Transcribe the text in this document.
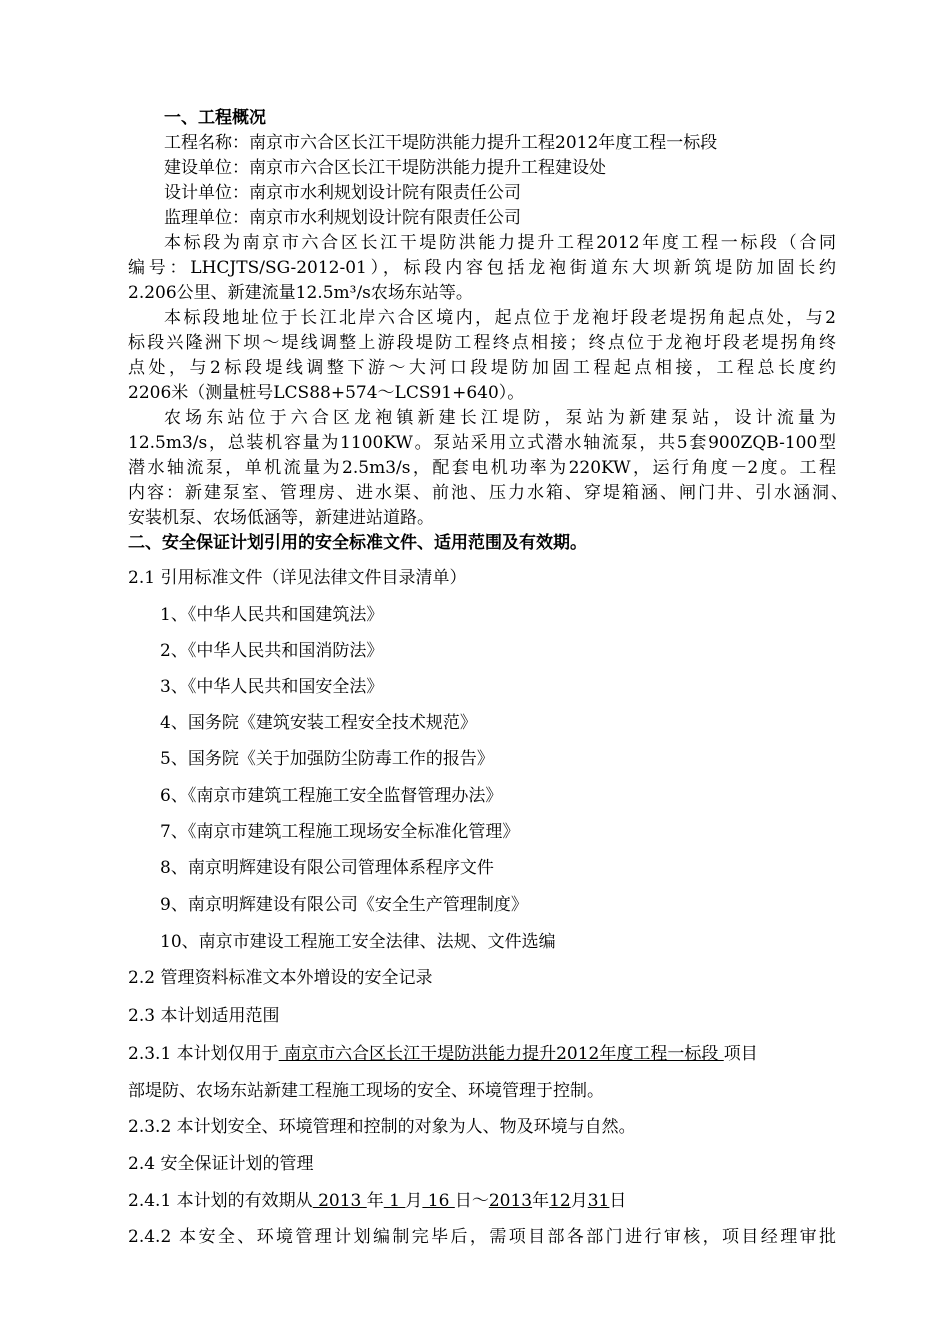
一、工程概况
工程名称：南京市六合区长江干堤防洪能力提升工程2012年度工程一标段
建设单位：南京市六合区长江干堤防洪能力提升工程建设处
设计单位：南京市水利规划设计院有限责任公司
监理单位：南京市水利规划设计院有限责任公司
本标段为南京市六合区长江干堤防洪能力提升工程2012年度工程一标段（合同
编号：LHCJTS/SG-2012-01），标段内容包括龙袍街道东大坝新筑堤防加固长约
2.206公里、新建流量12.5m³/s农场东站等。
本标段地址位于长江北岸六合区境内，起点位于龙袍圩段老堤拐角起点处，与2
标段兴隆洲下坝～堤线调整上游段堤防工程终点相接；终点位于龙袍圩段老堤拐角终
点处，与2标段堤线调整下游～大河口段堤防加固工程起点相接，工程总长度约
2206米（测量桩号LCS88+574～LCS91+640）。
农场东站位于六合区龙袍镇新建长江堤防，泵站为新建泵站，设计流量为
12.5m3/s，总装机容量为1100KW。泵站采用立式潜水轴流泵，共5套900ZQB-100型
潜水轴流泵，单机流量为2.5m3/s，配套电机功率为220KW，运行角度－2度。工程
内容：新建泵室、管理房、进水渠、前池、压力水箱、穿堤箱涵、闸门井、引水涵洞、
安装机泵、农场低涵等，新建进站道路。
二、安全保证计划引用的安全标准文件、适用范围及有效期。
2.1 引用标准文件（详见法律文件目录清单）
1、《中华人民共和国建筑法》
2、《中华人民共和国消防法》
3、《中华人民共和国安全法》
4、国务院《建筑安装工程安全技术规范》
5、国务院《关于加强防尘防毒工作的报告》
6、《南京市建筑工程施工安全监督管理办法》
7、《南京市建筑工程施工现场安全标准化管理》
8、南京明辉建设有限公司管理体系程序文件
9、南京明辉建设有限公司《安全生产管理制度》
10、南京市建设工程施工安全法律、法规、文件选编
2.2 管理资料标准文本外增设的安全记录
2.3 本计划适用范围
2.3.1 本计划仅用于 南京市六合区长江干堤防洪能力提升2012年度工程一标段 项目
部堤防、农场东站新建工程施工现场的安全、环境管理于控制。
2.3.2 本计划安全、环境管理和控制的对象为人、物及环境与自然。
2.4 安全保证计划的管理
2.4.1 本计划的有效期从 2013 年 1 月 16 日～2013年12月31日
2.4.2 本安全、环境管理计划编制完毕后，需项目部各部门进行审核，项目经理审批
